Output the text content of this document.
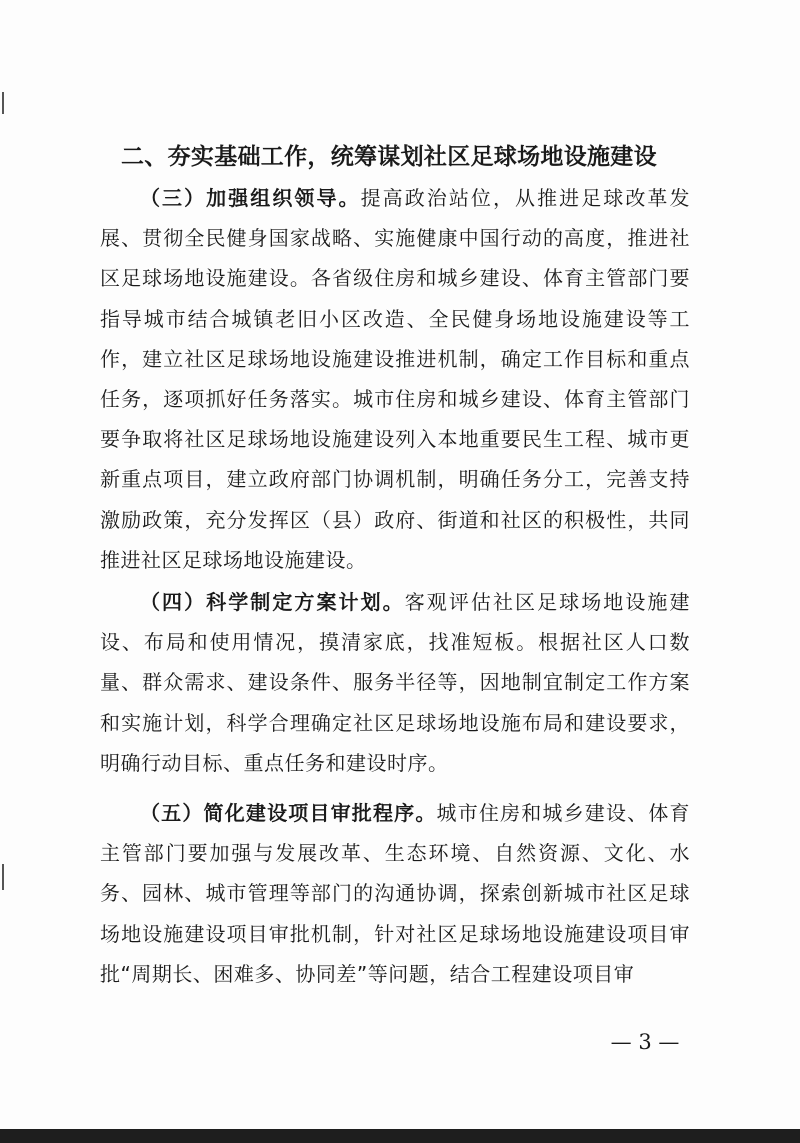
二、夯实基础工作，统筹谋划社区足球场地设施建设

（三）加强组织领导。提高政治站位，从推进足球改革发展、贯彻全民健身国家战略、实施健康中国行动的高度，推进社区足球场地设施建设。各省级住房和城乡建设、体育主管部门要指导城市结合城镇老旧小区改造、全民健身场地设施建设等工作，建立社区足球场地设施建设推进机制，确定工作目标和重点任务，逐项抓好任务落实。城市住房和城乡建设、体育主管部门要争取将社区足球场地设施建设列入本地重要民生工程、城市更新重点项目，建立政府部门协调机制，明确任务分工，完善支持激励政策，充分发挥区（县）政府、街道和社区的积极性，共同推进社区足球场地设施建设。

（四）科学制定方案计划。客观评估社区足球场地设施建设、布局和使用情况，摸清家底，找准短板。根据社区人口数量、群众需求、建设条件、服务半径等，因地制宜制定工作方案和实施计划，科学合理确定社区足球场地设施布局和建设要求，明确行动目标、重点任务和建设时序。

（五）简化建设项目审批程序。城市住房和城乡建设、体育主管部门要加强与发展改革、生态环境、自然资源、文化、水务、园林、城市管理等部门的沟通协调，探索创新城市社区足球场地设施建设项目审批机制，针对社区足球场地设施建设项目审批“周期长、困难多、协同差”等问题，结合工程建设项目审

— 3 —
